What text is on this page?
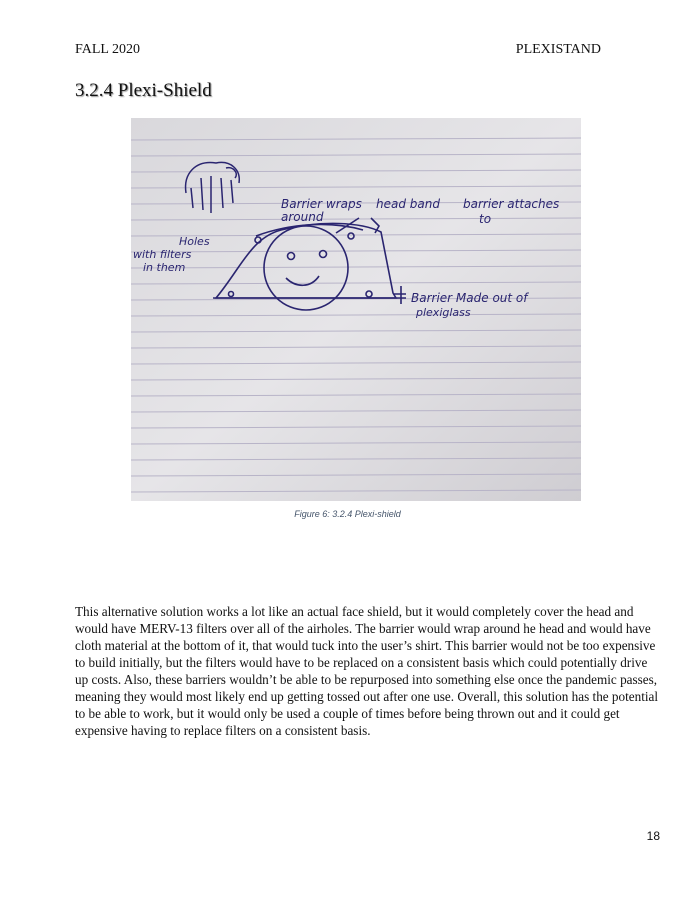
FALL 2020	PLEXISTAND
3.2.4 Plexi-Shield
Barrier wraps
around
head band barrier attaches
to
Holes
with filters
in them
Barrier Made out of
plexiglass
Figure 6: 3.2.4 Plexi-shield

This alternative solution works a lot like an actual face shield, but it would completely cover the head and would have MERV-13 filters over all of the airholes. The barrier would wrap around he head and would have cloth material at the bottom of it, that would tuck into the user’s shirt. This barrier would not be too expensive to build initially, but the filters would have to be replaced on a consistent basis which could potentially drive up costs. Also, these barriers wouldn’t be able to be repurposed into something else once the pandemic passes, meaning they would most likely end up getting tossed out after one use. Overall, this solution has the potential to be able to work, but it would only be used a couple of times before being thrown out and it could get expensive having to replace filters on a consistent basis.

18
